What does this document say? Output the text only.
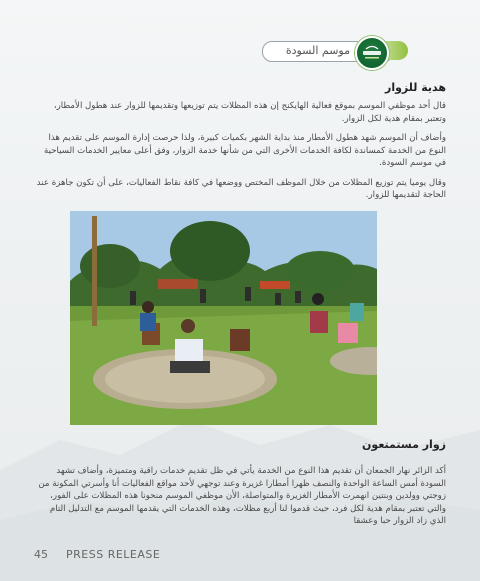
موسم السودة
هدية للزوار
قال أحد موظفي الموسم بموقع فعالية الهايكنج إن هذه المظلات يتم توزيعها وتقديمها للزوار عند هطول الأمطار، وتعتبر بمقام هدية لكل الزوار.
وأضاف أن الموسم شهد هطول الأمطار منذ بداية الشهر بكميات كبيرة، ولذا حرصت إدارة الموسم على تقديم هذا النوع من الخدمة كمساندة لكافة الخدمات الأخرى التي من شأنها خدمة الزوار، وفق أعلى معايير الخدمات السياحية في موسم السودة.
وقال يوميا يتم توزيع المظلات من خلال الموظف المختص ووضعها في كافة نقاط الفعاليات، على أن تكون جاهزة عند الحاجة لتقديمها للزوار.
زوار مستمتعون
أكد الزائر نهار الجمعان أن تقديم هذا النوع من الخدمة يأتي في ظل تقديم خدمات راقية ومتميزة، وأضاف تشهد السودة أمس الساعة الواحدة والنصف ظهرا أمطارا غزيرة وعند توجهي لأحد مواقع الفعاليات أنا وأسرتي المكونة من زوجتي وولدين وبنتين انهمرت الأمطار الغزيرة والمتواصلة، الأن موظفي الموسم منحونا هذه المظلات على الفور، والتي تعتبر بمقام هدية لكل فرد، حيث قدموا لنا أربع مظلات، وهذه الخدمات التي يقدمها الموسم مع التدليل التام الذي زاد الزوار حبا وعشقا
45 PRESS RELEASE
